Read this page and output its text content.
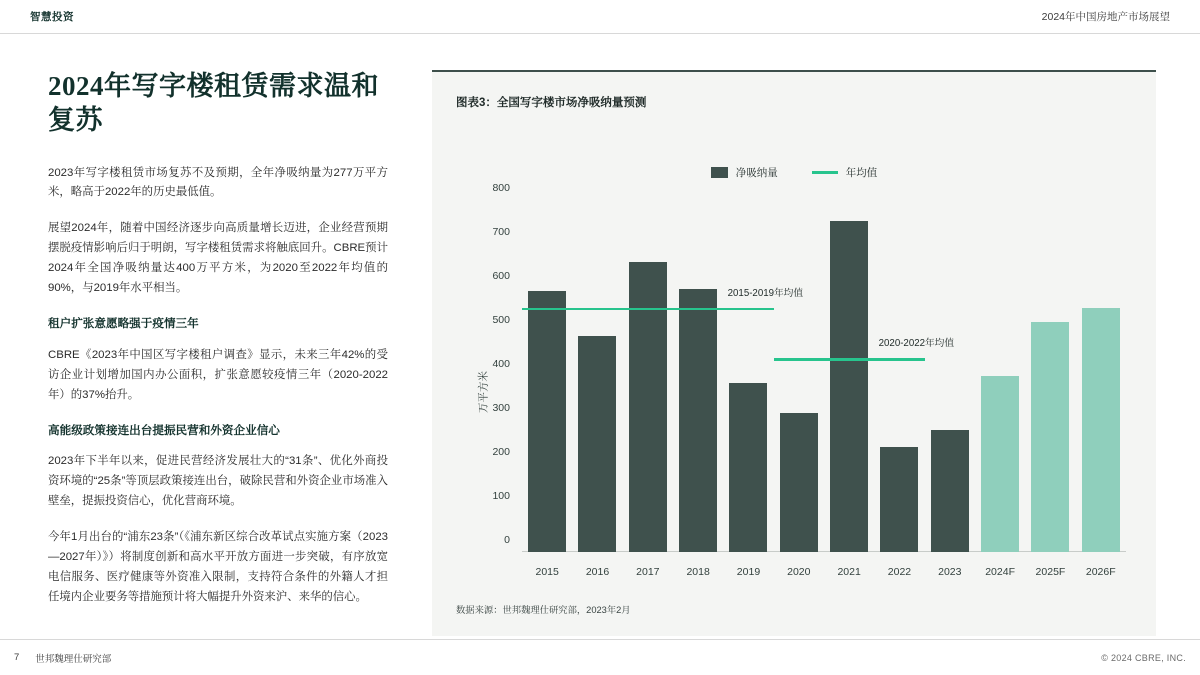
智慧投资	2024年中国房地产市场展望
2024年写字楼租赁需求温和复苏

2023年写字楼租赁市场复苏不及预期，全年净吸纳量为277万平方米，略高于2022年的历史最低值。

展望2024年，随着中国经济逐步向高质量增长迈进，企业经营预期摆脱疫情影响后归于明朗，写字楼租赁需求将触底回升。CBRE预计2024年全国净吸纳量达400万平方米，为2020至2022年均值的90%，与2019年水平相当。

租户扩张意愿略强于疫情三年

CBRE《2023年中国区写字楼租户调查》显示，未来三年42%的受访企业计划增加国内办公面积，扩张意愿较疫情三年（2020-2022年）的37%抬升。

高能级政策接连出台提振民营和外资企业信心

2023年下半年以来，促进民营经济发展壮大的“31条”、优化外商投资环境的“25条”等顶层政策接连出台，破除民营和外资企业市场准入壁垒，提振投资信心，优化营商环境。

今年1月出台的“浦东23条”（《浦东新区综合改革试点实施方案（2023—2027年）》）将制度创新和高水平开放方面进一步突破，有序放宽电信服务、医疗健康等外资准入限制，支持符合条件的外籍人才担任境内企业要务等措施预计将大幅提升外资来沪、来华的信心。

图表3：全国写字楼市场净吸纳量预测
净吸纳量	年均值
万平方米
0
100
200
300
400
500
600
700
800
2015-2019年均值
2020-2022年均值
2015	2016	2017	2018	2019	2020	2021	2022	2023	2024F	2025F	2026F
数据来源：世邦魏理仕研究部，2023年2月
7 世邦魏理仕研究部	© 2024 CBRE, INC.
